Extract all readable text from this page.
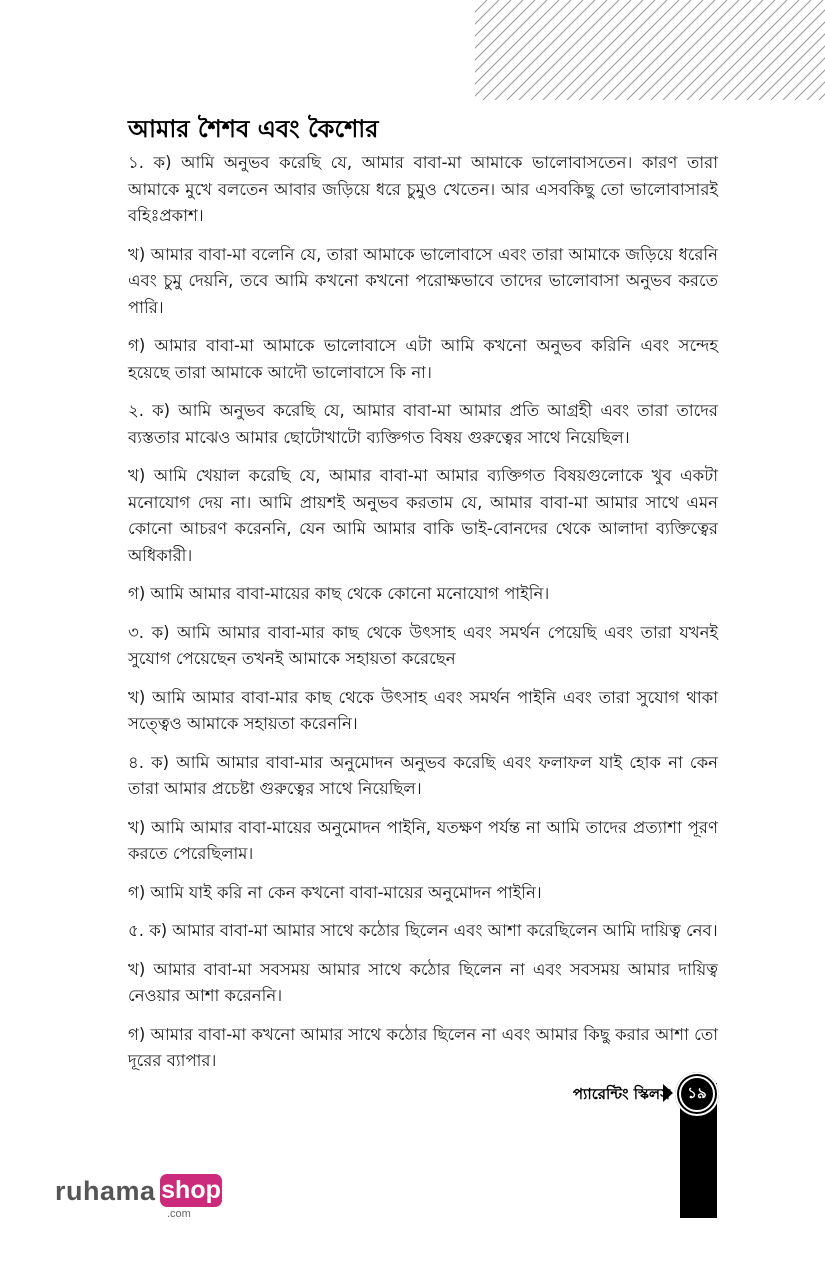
আমার শৈশব এবং কৈশোর

১. ক) আমি অনুভব করেছি যে, আমার বাবা-মা আমাকে ভালোবাসতেন। কারণ তারা আমাকে মুখে বলতেন আবার জড়িয়ে ধরে চুমুও খেতেন। আর এসবকিছু তো ভালোবাসারই বহিঃপ্রকাশ।

খ) আমার বাবা-মা বলেনি যে, তারা আমাকে ভালোবাসে এবং তারা আমাকে জড়িয়ে ধরেনি এবং চুমু দেয়নি, তবে আমি কখনো কখনো পরোক্ষভাবে তাদের ভালোবাসা অনুভব করতে পারি।

গ) আমার বাবা-মা আমাকে ভালোবাসে এটা আমি কখনো অনুভব করিনি এবং সন্দেহ হয়েছে তারা আমাকে আদৌ ভালোবাসে কি না।

২. ক) আমি অনুভব করেছি যে, আমার বাবা-মা আমার প্রতি আগ্রহী এবং তারা তাদের ব্যস্ততার মাঝেও আমার ছোটোখাটো ব্যক্তিগত বিষয় গুরুত্বের সাথে নিয়েছিল।

খ) আমি খেয়াল করেছি যে, আমার বাবা-মা আমার ব্যক্তিগত বিষয়গুলোকে খুব একটা মনোযোগ দেয় না। আমি প্রায়শই অনুভব করতাম যে, আমার বাবা-মা আমার সাথে এমন কোনো আচরণ করেননি, যেন আমি আমার বাকি ভাই-বোনদের থেকে আলাদা ব্যক্তিত্বের অধিকারী।

গ) আমি আমার বাবা-মায়ের কাছ থেকে কোনো মনোযোগ পাইনি।

৩. ক) আমি আমার বাবা-মার কাছ থেকে উৎসাহ এবং সমর্থন পেয়েছি এবং তারা যখনই সুযোগ পেয়েছেন তখনই আমাকে সহায়তা করেছেন

খ) আমি আমার বাবা-মার কাছ থেকে উৎসাহ এবং সমর্থন পাইনি এবং তারা সুযোগ থাকা সত্ত্বেও আমাকে সহায়তা করেননি।

৪. ক) আমি আমার বাবা-মার অনুমোদন অনুভব করেছি এবং ফলাফল যাই হোক না কেন তারা আমার প্রচেষ্টা গুরুত্বের সাথে নিয়েছিল।

খ) আমি আমার বাবা-মায়ের অনুমোদন পাইনি, যতক্ষণ পর্যন্ত না আমি তাদের প্রত্যাশা পূরণ করতে পেরেছিলাম।

গ) আমি যাই করি না কেন কখনো বাবা-মায়ের অনুমোদন পাইনি।

৫. ক) আমার বাবা-মা আমার সাথে কঠোর ছিলেন এবং আশা করেছিলেন আমি দায়িত্ব নেব।

খ) আমার বাবা-মা সবসময় আমার সাথে কঠোর ছিলেন না এবং সবসময় আমার দায়িত্ব নেওয়ার আশা করেননি।

গ) আমার বাবা-মা কখনো আমার সাথে কঠোর ছিলেন না এবং আমার কিছু করার আশা তো দূরের ব্যাপার।

প্যারেন্টিং স্কিলস	১৯
ruhama shop
.com
